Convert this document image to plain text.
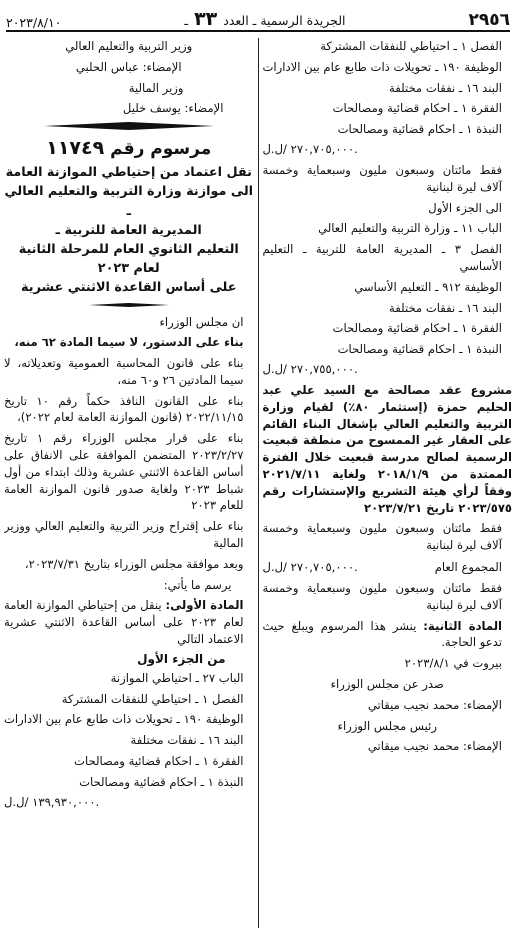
٢٩٥٦
الجريدة الرسمية ـ العدد ٣٣ ـ
٢٠٢٣/٨/١٠
الفصل ١ ـ احتياطي للنفقات المشتركة
الوظيفة ١٩٠ ـ تحويلات ذات طابع عام بين الادارات
البند ١٦ ـ نفقات مختلفة
الفقرة ١ ـ احكام قضائية ومصالحات
النبذة ١ ـ احكام قضائية ومصالحات
٢٧٠,٧٠٥,٠٠٠ /ل.ل.
فقط مائتان وسبعون مليون وسبعماية وخمسة آلاف ليرة لبنانية
الى الجزء الأول
الباب ١١ ـ وزارة التربية والتعليم العالي
الفصل ٣ ـ المديرية العامة للتربية ـ التعليم الأساسي
الوظيفة ٩١٢ ـ التعليم الأساسي
البند ١٦ ـ نفقات مختلفة
الفقرة ١ ـ احكام قضائية ومصالحات
النبذة ١ ـ احكام قضائية ومصالحات
٢٧٠,٧٥٥,٠٠٠ /ل.ل.
مشروع عقد مصالحة مع السيد علي عبد الحليم حمزة (إستثمار ٨٠٪) لقيام وزارة التربية والتعليم العالي بإشغال البناء القائم على العقار غير الممسوح من منطقة قبعيت الرسمية لصالح مدرسة قبعيت خلال الفترة الممتدة من ٢٠١٨/١/٩ ولغاية ٢٠٢١/٧/١١ وفقاً لرأي هيئة التشريع والإستشارات رقم ٢٠٢٣/٥٧٥ تاريخ ٢٠٢٣/٧/٢١
فقط مائتان وسبعون مليون وسبعماية وخمسة آلاف ليرة لبنانية
المجموع العام
٢٧٠,٧٠٥,٠٠٠ /ل.ل.
فقط مائتان وسبعون مليون وسبعماية وخمسة آلاف ليرة لبنانية
المادة الثانية: ينشر هذا المرسوم ويبلغ حيث تدعو الحاجة.
بيروت في ٢٠٢٣/٨/١
صدر عن مجلس الوزراء
الإمضاء: محمد نجيب ميقاتي
رئيس مجلس الوزراء
الإمضاء: محمد نجيب ميقاتي
وزير التربية والتعليم العالي
الإمضاء: عباس الحلبي
وزير المالية
الإمضاء: يوسف خليل
مرسوم رقم ١١٧٤٩
نقل اعتماد من إحتياطي الموازنة العامة
الى موازنة وزارة التربية والتعليم العالي ـ
المديرية العامة للتربية ـ
التعليم الثانوي العام للمرحلة الثانية لعام ٢٠٢٣
على أساس القاعدة الاثنتي عشرية
ان مجلس الوزراء
بناء على الدستور، لا سيما المادة ٦٢ منه،
بناء على قانون المحاسبة العمومية وتعديلاته، لا سيما المادتين ٢٦ و٦٠ منه،
بناء على القانون النافذ حكماً رقم ١٠ تاريخ ٢٠٢٢/١١/١٥ (قانون الموازنة العامة لعام ٢٠٢٢)،
بناء على قرار مجلس الوزراء رقم ١ تاريخ ٢٠٢٣/٢/٢٧ المتضمن الموافقة على الانفاق على أساس القاعدة الاثنتي عشرية وذلك ابتداء من أول شباط ٢٠٢٣ ولغاية صدور قانون الموازنة العامة للعام ٢٠٢٣
بناء على إقتراح وزير التربية والتعليم العالي ووزير المالية
وبعد موافقة مجلس الوزراء بتاريخ ٢٠٢٣/٧/٣١،
يرسم ما يأتي:
المادة الأولى: ينقل من إحتياطي الموازنة العامة لعام ٢٠٢٣ على أساس القاعدة الاثنتي عشرية الاعتماد التالي
من الجزء الأول
الباب ٢٧ ـ احتياطي الموازنة
الفصل ١ ـ احتياطي للنفقات المشتركة
الوظيفة ١٩٠ ـ تحويلات ذات طابع عام بين الادارات
البند ١٦ ـ نفقات مختلفة
الفقرة ١ ـ احكام قضائية ومصالحات
النبذة ١ ـ احكام قضائية ومصالحات
١٣٩,٩٣٠,٠٠٠ /ل.ل.
